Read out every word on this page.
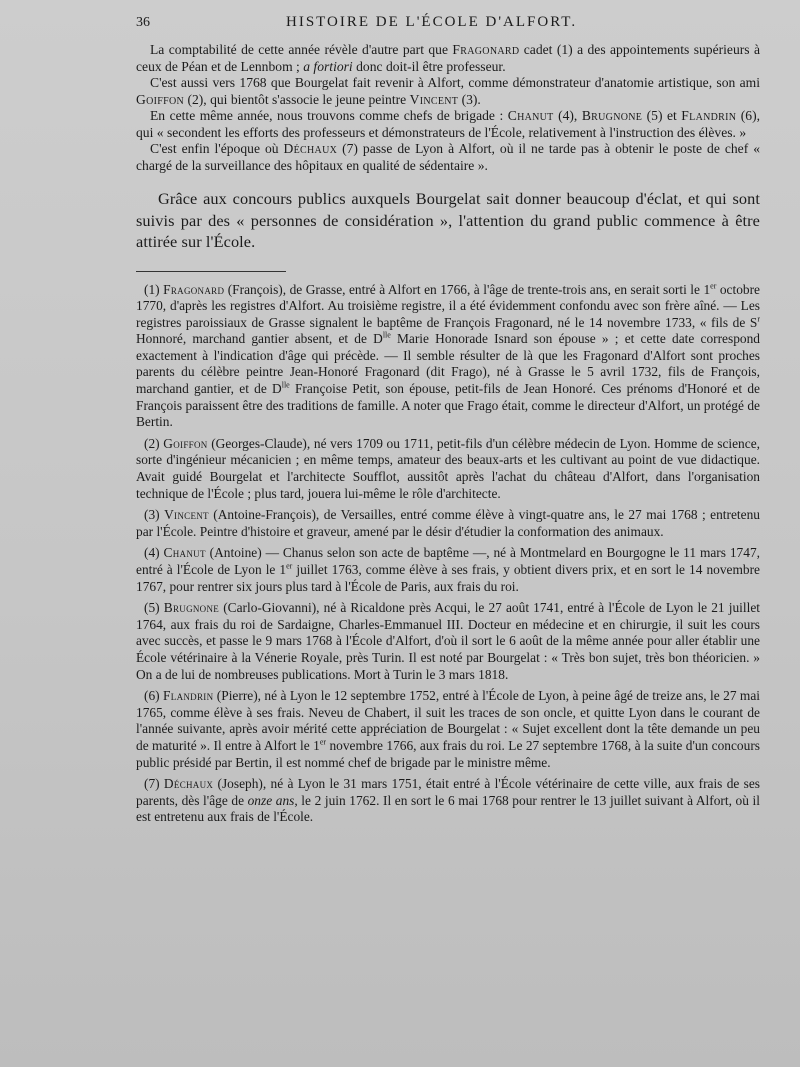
36	HISTOIRE DE L'ÉCOLE D'ALFORT.

La comptabilité de cette année révèle d'autre part que Fragonard cadet (1) a des appointements supérieurs à ceux de Péan et de Lennbom ; a fortiori donc doit-il être professeur.

C'est aussi vers 1768 que Bourgelat fait revenir à Alfort, comme démonstrateur d'anatomie artistique, son ami Goiffon (2), qui bientôt s'associe le jeune peintre Vincent (3).

En cette même année, nous trouvons comme chefs de brigade : Chanut (4), Brugnone (5) et Flandrin (6), qui « secondent les efforts des professeurs et démonstrateurs de l'École, relativement à l'instruction des élèves. »

C'est enfin l'époque où Déchaux (7) passe de Lyon à Alfort, où il ne tarde pas à obtenir le poste de chef « chargé de la surveillance des hôpitaux en qualité de sédentaire ».

Grâce aux concours publics auxquels Bourgelat sait donner beaucoup d'éclat, et qui sont suivis par des « personnes de considération », l'attention du grand public commence à être attirée sur l'École.

(1) Fragonard (François), de Grasse, entré à Alfort en 1766, à l'âge de trente-trois ans, en serait sorti le 1er octobre 1770, d'après les registres d'Alfort. Au troisième registre, il a été évidemment confondu avec son frère aîné. — Les registres paroissiaux de Grasse signalent le baptême de François Fragonard, né le 14 novembre 1733, « fils de $S^r$ Honnoré, marchand gantier absent, et de $D^{lle}$ Marie Honorade Isnard son épouse » ; et cette date correspond exactement à l'indication d'âge qui précède. — Il semble résulter de là que les Fragonard d'Alfort sont proches parents du célèbre peintre Jean-Honoré Fragonard (dit Frago), né à Grasse le 5 avril 1732, fils de François, marchand gantier, et de $D^{lle}$ Françoise Petit, son épouse, petit-fils de Jean Honoré. Ces prénoms d'Honoré et de François paraissent être des traditions de famille. A noter que Frago était, comme le directeur d'Alfort, un protégé de Bertin.

(2) Goiffon (Georges-Claude), né vers 1709 ou 1711, petit-fils d'un célèbre médecin de Lyon. Homme de science, sorte d'ingénieur mécanicien ; en même temps, amateur des beaux-arts et les cultivant au point de vue didactique. Avait guidé Bourgelat et l'architecte Soufflot, aussitôt après l'achat du château d'Alfort, dans l'organisation technique de l'École ; plus tard, jouera lui-même le rôle d'architecte.

(3) Vincent (Antoine-François), de Versailles, entré comme élève à vingt-quatre ans, le 27 mai 1768 ; entretenu par l'École. Peintre d'histoire et graveur, amené par le désir d'étudier la conformation des animaux.

(4) Chanut (Antoine) — Chanus selon son acte de baptême —, né à Montmelard en Bourgogne le 11 mars 1747, entré à l'École de Lyon le 1er juillet 1763, comme élève à ses frais, y obtient divers prix, et en sort le 14 novembre 1767, pour rentrer six jours plus tard à l'École de Paris, aux frais du roi.

(5) Brugnone (Carlo-Giovanni), né à Ricaldone près Acqui, le 27 août 1741, entré à l'École de Lyon le 21 juillet 1764, aux frais du roi de Sardaigne, Charles-Emmanuel III. Docteur en médecine et en chirurgie, il suit les cours avec succès, et passe le 9 mars 1768 à l'École d'Alfort, d'où il sort le 6 août de la même année pour aller établir une École vétérinaire à la Vénerie Royale, près Turin. Il est noté par Bourgelat : « Très bon sujet, très bon théoricien. » On a de lui de nombreuses publications. Mort à Turin le 3 mars 1818.

(6) Flandrin (Pierre), né à Lyon le 12 septembre 1752, entré à l'École de Lyon, à peine âgé de treize ans, le 27 mai 1765, comme élève à ses frais. Neveu de Chabert, il suit les traces de son oncle, et quitte Lyon dans le courant de l'année suivante, après avoir mérité cette appréciation de Bourgelat : « Sujet excellent dont la tête demande un peu de maturité ». Il entre à Alfort le 1er novembre 1766, aux frais du roi. Le 27 septembre 1768, à la suite d'un concours public présidé par Bertin, il est nommé chef de brigade par le ministre même.

(7) Déchaux (Joseph), né à Lyon le 31 mars 1751, était entré à l'École vétérinaire de cette ville, aux frais de ses parents, dès l'âge de onze ans, le 2 juin 1762. Il en sort le 6 mai 1768 pour rentrer le 13 juillet suivant à Alfort, où il est entretenu aux frais de l'École.
